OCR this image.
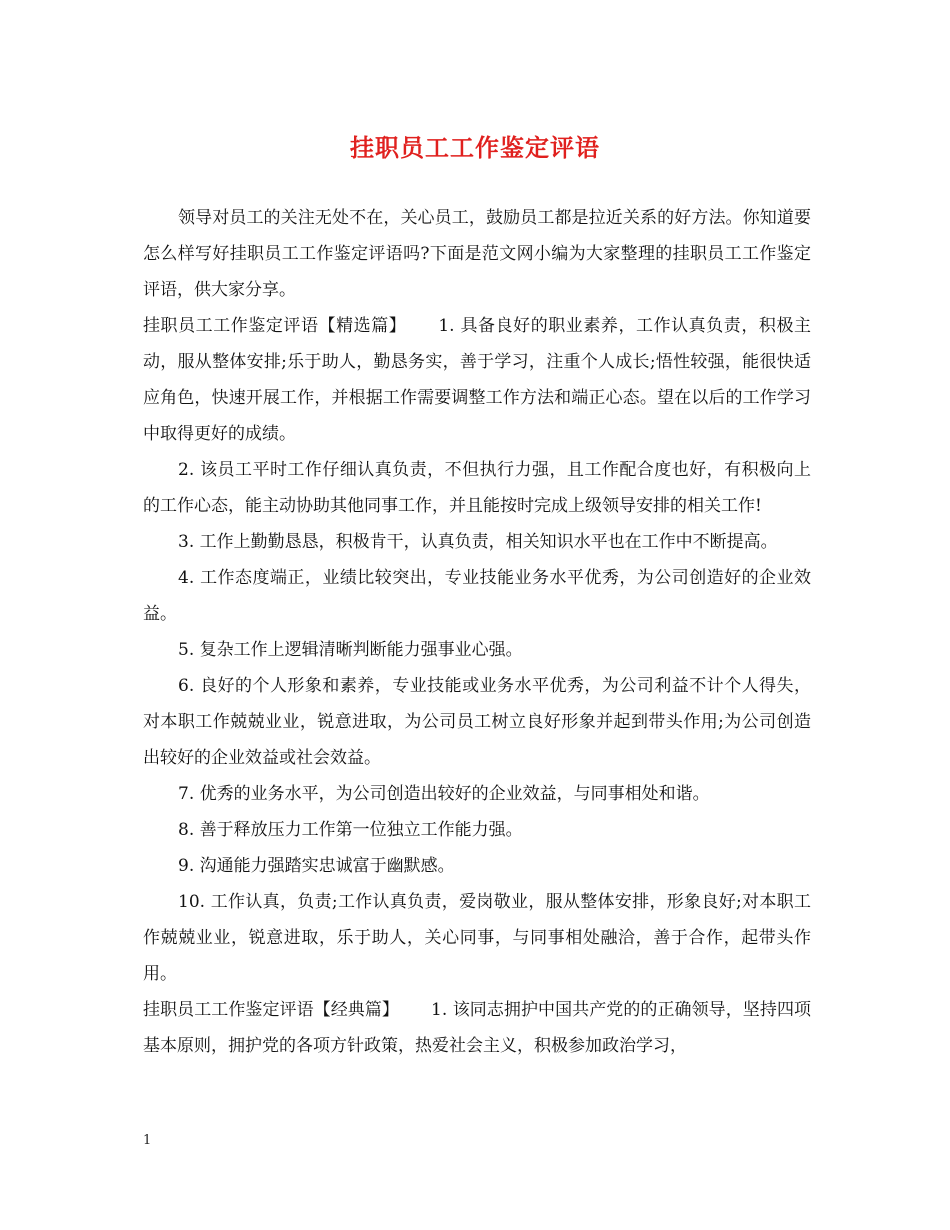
挂职员工工作鉴定评语

领导对员工的关注无处不在，关心员工，鼓励员工都是拉近关系的好方法。你知道要怎么样写好挂职员工工作鉴定评语吗?下面是范文网小编为大家整理的挂职员工工作鉴定评语，供大家分享。

挂职员工工作鉴定评语【精选篇】 1. 具备良好的职业素养，工作认真负责，积极主动，服从整体安排;乐于助人，勤恳务实，善于学习，注重个人成长;悟性较强，能很快适应角色，快速开展工作，并根据工作需要调整工作方法和端正心态。望在以后的工作学习中取得更好的成绩。

2. 该员工平时工作仔细认真负责，不但执行力强，且工作配合度也好，有积极向上的工作心态，能主动协助其他同事工作，并且能按时完成上级领导安排的相关工作!

3. 工作上勤勤恳恳，积极肯干，认真负责，相关知识水平也在工作中不断提高。

4. 工作态度端正，业绩比较突出，专业技能业务水平优秀，为公司创造好的企业效益。

5. 复杂工作上逻辑清晰判断能力强事业心强。

6. 良好的个人形象和素养，专业技能或业务水平优秀，为公司利益不计个人得失，对本职工作兢兢业业，锐意进取，为公司员工树立良好形象并起到带头作用;为公司创造出较好的企业效益或社会效益。

7. 优秀的业务水平，为公司创造出较好的企业效益，与同事相处和谐。

8. 善于释放压力工作第一位独立工作能力强。

9. 沟通能力强踏实忠诚富于幽默感。

10. 工作认真，负责;工作认真负责，爱岗敬业，服从整体安排，形象良好;对本职工作兢兢业业，锐意进取，乐于助人，关心同事，与同事相处融洽，善于合作，起带头作用。

挂职员工工作鉴定评语【经典篇】 1. 该同志拥护中国共产党的的正确领导，坚持四项基本原则，拥护党的各项方针政策，热爱社会主义，积极参加政治学习，

1
